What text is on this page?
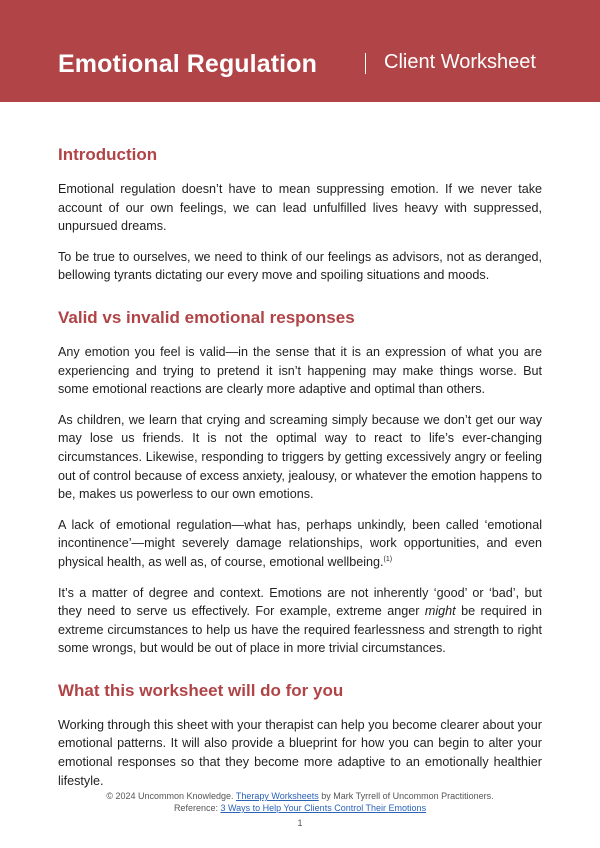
Emotional Regulation	Client Worksheet
Introduction

Emotional regulation doesn’t have to mean suppressing emotion. If we never take account of our own feelings, we can lead unfulfilled lives heavy with suppressed, unpursued dreams.

To be true to ourselves, we need to think of our feelings as advisors, not as deranged, bellowing tyrants dictating our every move and spoiling situations and moods.

Valid vs invalid emotional responses

Any emotion you feel is valid—in the sense that it is an expression of what you are experiencing and trying to pretend it isn’t happening may make things worse. But some emotional reactions are clearly more adaptive and optimal than others.

As children, we learn that crying and screaming simply because we don’t get our way may lose us friends. It is not the optimal way to react to life’s ever-changing circumstances. Likewise, responding to triggers by getting excessively angry or feeling out of control because of excess anxiety, jealousy, or whatever the emotion happens to be, makes us powerless to our own emotions.

A lack of emotional regulation—what has, perhaps unkindly, been called ‘emotional incontinence’—might severely damage relationships, work opportunities, and even physical health, as well as, of course, emotional wellbeing.$^{(1)}$

It’s a matter of degree and context. Emotions are not inherently ‘good’ or ‘bad’, but they need to serve us effectively. For example, extreme anger might be required in extreme circumstances to help us have the required fearlessness and strength to right some wrongs, but would be out of place in more trivial circumstances.

What this worksheet will do for you

Working through this sheet with your therapist can help you become clearer about your emotional patterns. It will also provide a blueprint for how you can begin to alter your emotional responses so that they become more adaptive to an emotionally healthier lifestyle.

© 2024 Uncommon Knowledge. Therapy Worksheets by Mark Tyrrell of Uncommon Practitioners.
Reference: 3 Ways to Help Your Clients Control Their Emotions
1
